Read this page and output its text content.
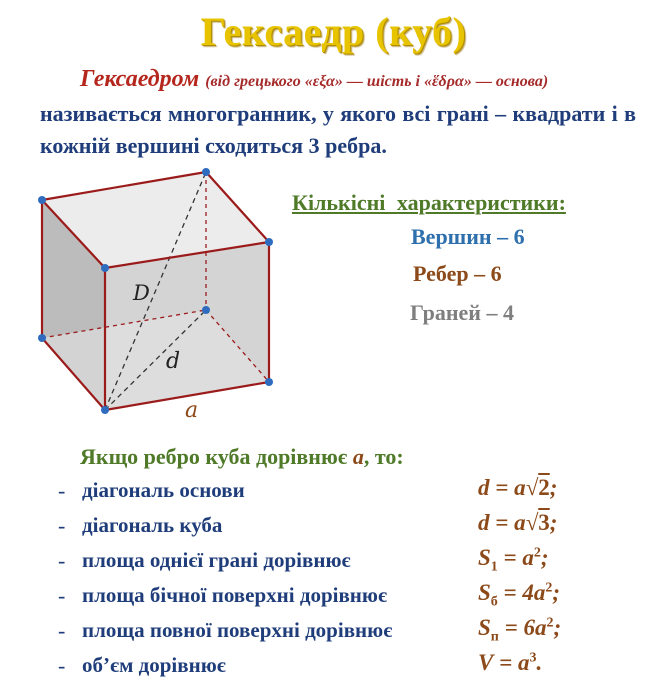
Гексаедр (куб)
Гексаедром (від грецького «εξα» — шість і «ἕδρα» — основа)
називається многогранник, у якого всі грані – квадрати і в кожній вершині сходиться 3 ребра.
D
d
a
Кількісні характеристики:
Вершин – 6
Ребер – 6
Граней – 4
Якщо ребро куба дорівнює a, то:
- діагональ основи	d = a√2;
- діагональ куба	d = a√3;
- площа однієї грані дорівнює	$S_1 = a^2$;
- площа бічної поверхні дорівнює	$S_б = 4a^2$;
- площа повної поверхні дорівнює	$S_п = 6a^2$;
- об’єм дорівнює	$V = a^3$.
